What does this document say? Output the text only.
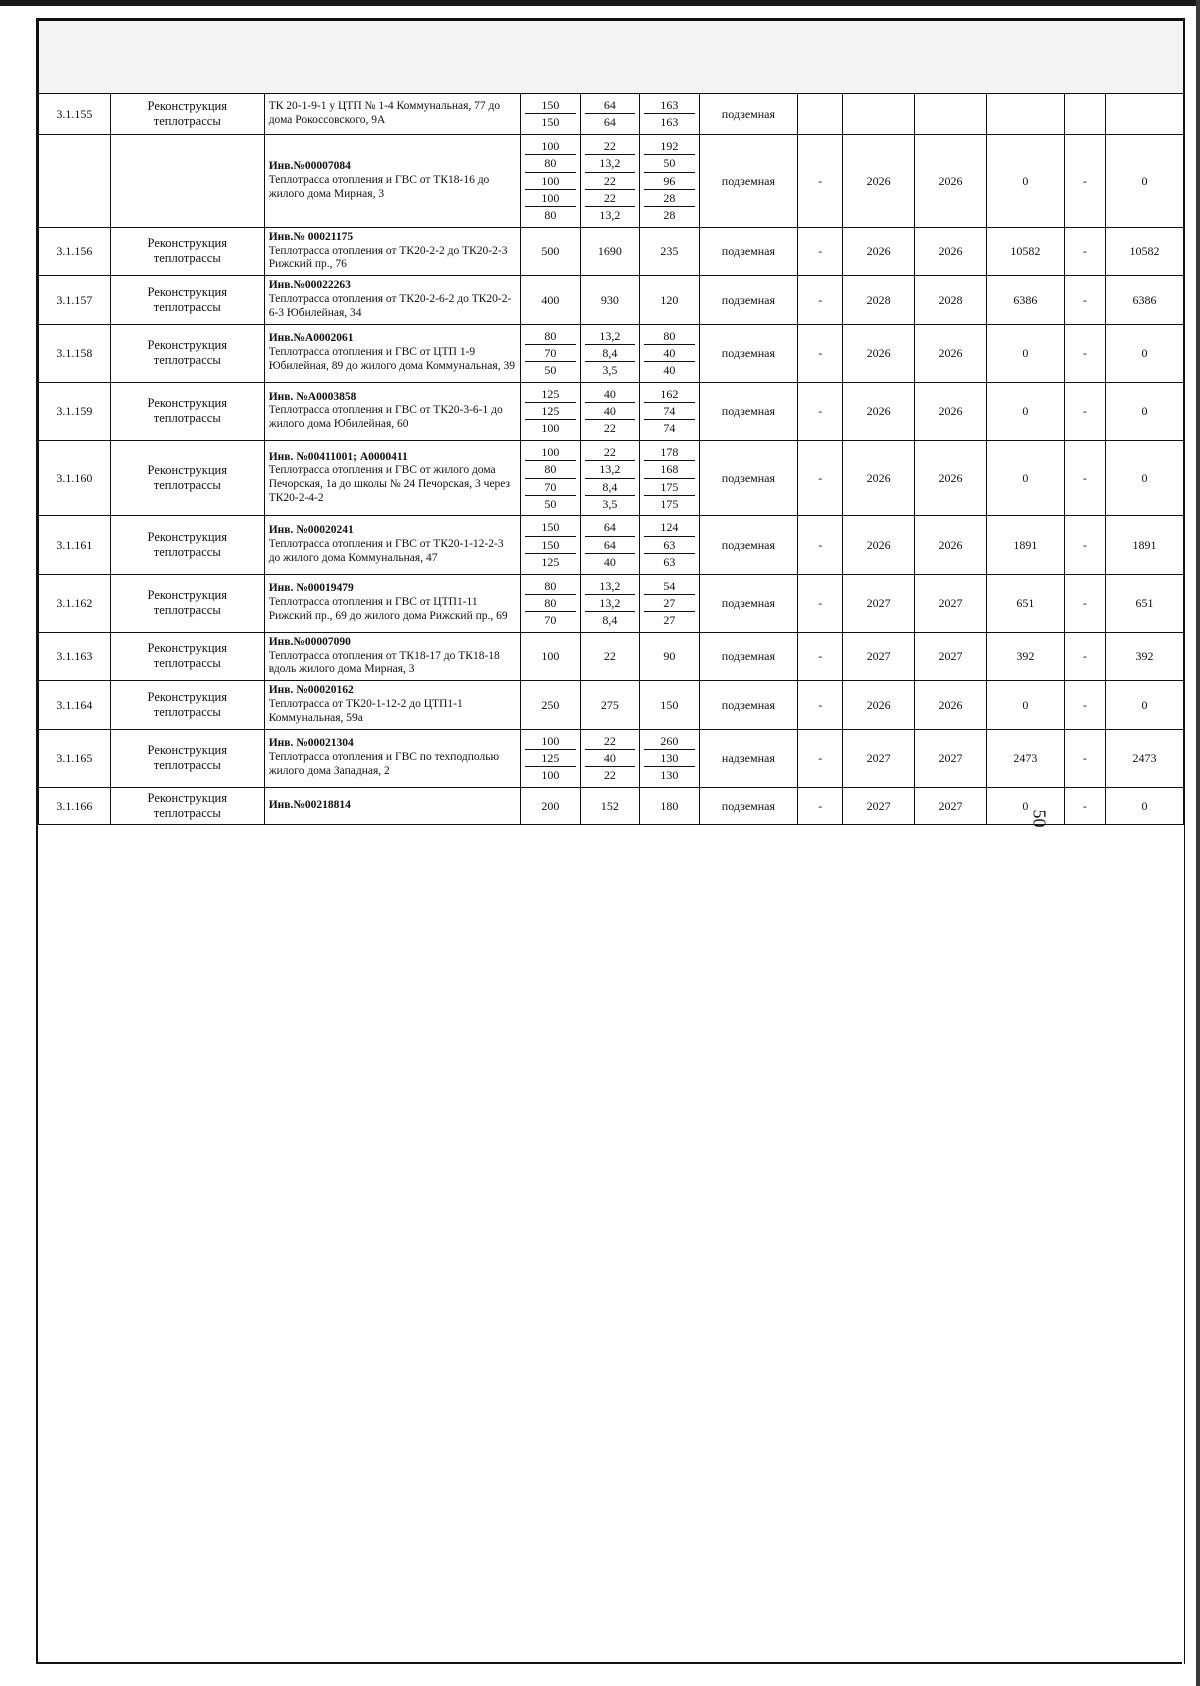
50

3.1.155	Реконструкция теплотрассы	ТК 20-1-9-1 у ЦТП № 1-4 Коммунальная, 77 до дома Рокоссовского, 9А	150
150	64
64	163
163	подземная						

		Инв.№00007084
Теплотрасса отопления и ГВС от ТК18-16 до жилого дома Мирная, 3	100
80
100
100
80	22
13,2
22
22
13,2	192
50
96
28
28	подземная	-	2026	2026	0	-	0
3.1.156	Реконструкция теплотрассы	Инв.№ 00021175
Теплотрасса отопления от ТК20-2-2 до ТК20-2-3 Рижский пр., 76	500	1690	235	подземная	-	2026	2026	10582	-	10582
3.1.157	Реконструкция теплотрассы	Инв.№00022263
Теплотрасса отопления от ТК20-2-6-2 до ТК20-2-6-3 Юбилейная, 34	400	930	120	подземная	-	2028	2028	6386	-	6386
3.1.158	Реконструкция теплотрассы	Инв.№А0002061
Теплотрасса отопления и ГВС от ЦТП 1-9 Юбилейная, 89 до жилого дома Коммунальная, 39	80
70
50	13,2
8,4
3,5	80
40
40	подземная	-	2026	2026	0	-	0
3.1.159	Реконструкция теплотрассы	Инв. №А0003858
Теплотрасса отопления и ГВС от ТК20-3-6-1 до жилого дома Юбилейная, 60	125
125
100	40
40
22	162
74
74	подземная	-	2026	2026	0	-	0
3.1.160	Реконструкция теплотрассы	Инв. №00411001; А0000411
Теплотрасса отопления и ГВС от жилого дома Печорская, 1а до школы № 24 Печорская, 3 через ТК20-2-4-2	100
80
70
50	22
13,2
8,4
3,5	178
168
175
175	подземная	-	2026	2026	0	-	0
3.1.161	Реконструкция теплотрассы	Инв. №00020241
Теплотрасса отопления и ГВС от ТК20-1-12-2-3 до жилого дома Коммунальная, 47	150
150
125	64
64
40	124
63
63	подземная	-	2026	2026	1891	-	1891
3.1.162	Реконструкция теплотрассы	Инв. №00019479
Теплотрасса отопления и ГВС от ЦТП1-11 Рижский пр., 69 до жилого дома Рижский пр., 69	80
80
70	13,2
13,2
8,4	54
27
27	подземная	-	2027	2027	651	-	651
3.1.163	Реконструкция теплотрассы	Инв.№00007090
Теплотрасса отопления от ТК18-17 до ТК18-18 вдоль жилого дома Мирная, 3	100	22	90	подземная	-	2027	2027	392	-	392
3.1.164	Реконструкция теплотрассы	Инв. №00020162
Теплотрасса от ТК20-1-12-2 до ЦТП1-1 Коммунальная, 59а	250	275	150	подземная	-	2026	2026	0	-	0
3.1.165	Реконструкция теплотрассы	Инв. №00021304
Теплотрасса отопления и ГВС по техподполью жилого дома Западная, 2	100
125
100	22
40
22	260
130
130	надземная	-	2027	2027	2473	-	2473
3.1.166	Реконструкция теплотрассы	Инв.№00218814	200	152	180	подземная	-	2027	2027	0	-	0
